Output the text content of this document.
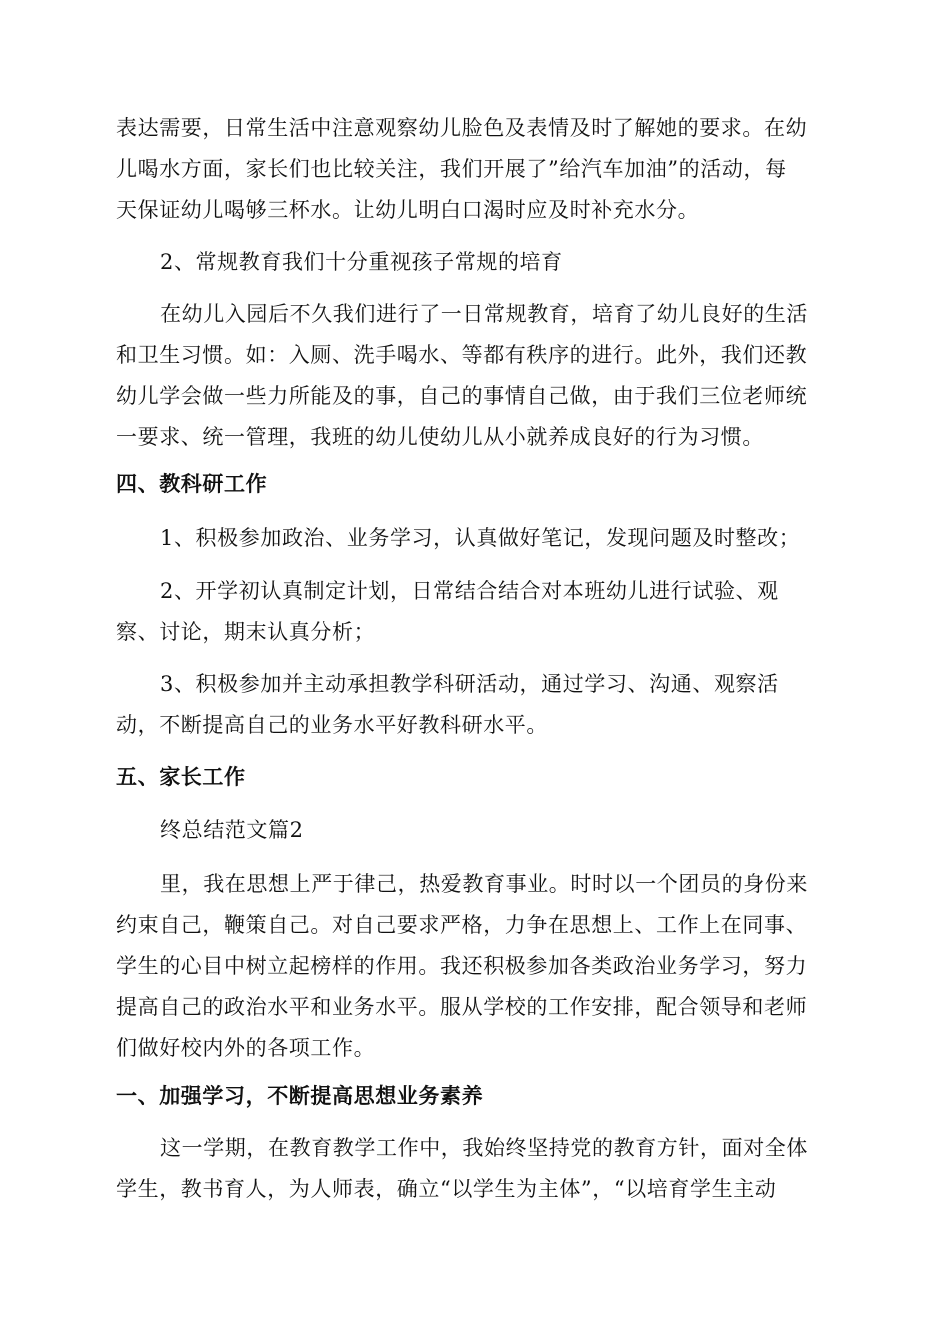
表达需要，日常生活中注意观察幼儿脸色及表情及时了解她的要求。在幼
儿喝水方面，家长们也比较关注，我们开展了”给汽车加油”的活动，每
天保证幼儿喝够三杯水。让幼儿明白口渴时应及时补充水分。
2、常规教育我们十分重视孩子常规的培育
在幼儿入园后不久我们进行了一日常规教育，培育了幼儿良好的生活
和卫生习惯。如：入厕、洗手喝水、等都有秩序的进行。此外，我们还教
幼儿学会做一些力所能及的事，自己的事情自己做，由于我们三位老师统
一要求、统一管理，我班的幼儿使幼儿从小就养成良好的行为习惯。
四、教科研工作
1、积极参加政治、业务学习，认真做好笔记，发现问题及时整改；
2、开学初认真制定计划，日常结合结合对本班幼儿进行试验、观
察、讨论，期末认真分析；
3、积极参加并主动承担教学科研活动，通过学习、沟通、观察活
动，不断提高自己的业务水平好教科研水平。
五、家长工作
终总结范文篇2
里，我在思想上严于律己，热爱教育事业。时时以一个团员的身份来
约束自己，鞭策自己。对自己要求严格，力争在思想上、工作上在同事、
学生的心目中树立起榜样的作用。我还积极参加各类政治业务学习，努力
提高自己的政治水平和业务水平。服从学校的工作安排，配合领导和老师
们做好校内外的各项工作。
一、加强学习，不断提高思想业务素养
这一学期，在教育教学工作中，我始终坚持党的教育方针，面对全体
学生，教书育人，为人师表，确立“以学生为主体”，“以培育学生主动
